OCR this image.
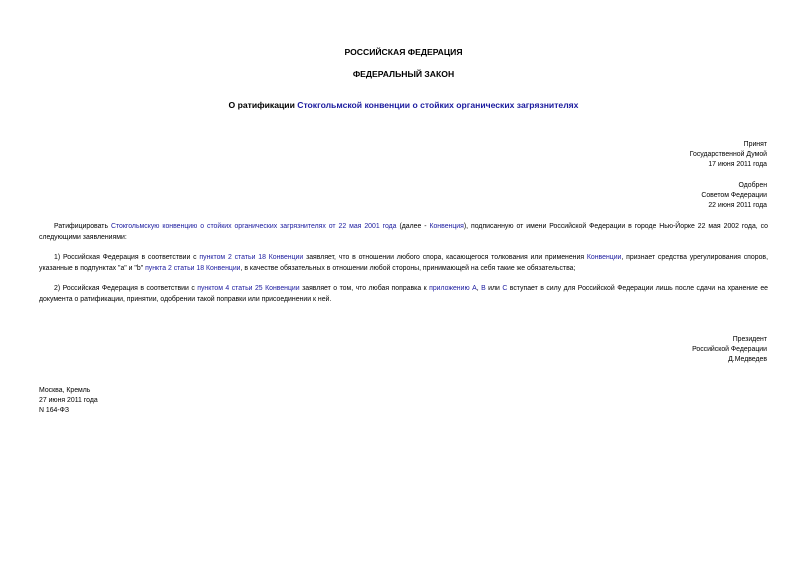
РОССИЙСКАЯ ФЕДЕРАЦИЯ
ФЕДЕРАЛЬНЫЙ ЗАКОН
О ратификации Стокгольмской конвенции о стойких органических загрязнителях
Принят
Государственной Думой
17 июня 2011 года
Одобрен
Советом Федерации
22 июня 2011 года
Ратифицировать Стокгольмскую конвенцию о стойких органических загрязнителях от 22 мая 2001 года (далее - Конвенция), подписанную от имени Российской Федерации в городе Нью-Йорке 22 мая 2002 года, со следующими заявлениями:
1) Российская Федерация в соответствии с пунктом 2 статьи 18 Конвенции заявляет, что в отношении любого спора, касающегося толкования или применения Конвенции, признает средства урегулирования споров, указанные в подпунктах "а" и "b" пункта 2 статьи 18 Конвенции, в качестве обязательных в отношении любой стороны, принимающей на себя такие же обязательства;
2) Российская Федерация в соответствии с пунктом 4 статьи 25 Конвенции заявляет о том, что любая поправка к приложению А, В или С вступает в силу для Российской Федерации лишь после сдачи на хранение ее документа о ратификации, принятии, одобрении такой поправки или присоединении к ней.
Президент
Российской Федерации
Д.Медведев
Москва, Кремль
27 июня 2011 года
N 164-ФЗ
